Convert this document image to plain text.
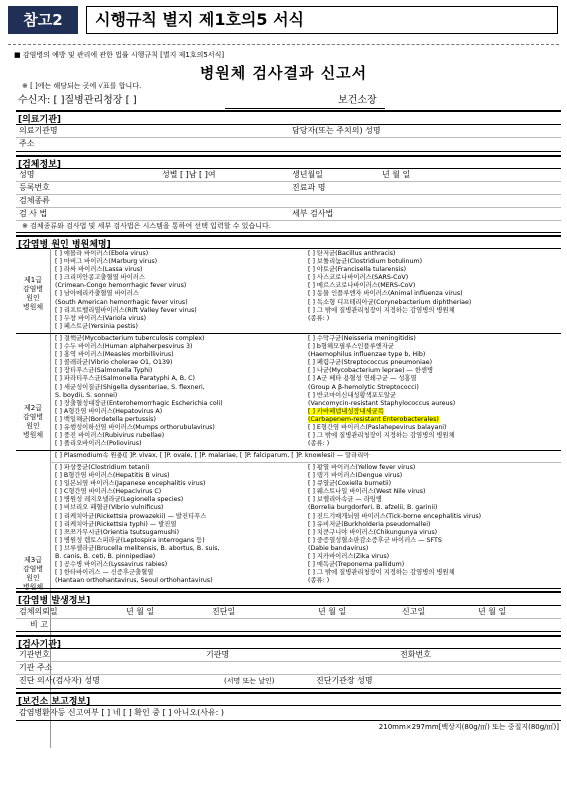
참고2	시행규칙 별지 제1호의5 서식
■ 감염병의 예방 및 관리에 관한 법률 시행규칙 [별지 제1호의5서식]
병원체 검사결과 신고서
※ [ ]에는 해당되는 곳에 √표를 합니다.
수신자: [ ]질병관리청장 [ ]	보건소장
[의료기관]
의료기관명	담당자(또는 주치의) 성명
주소
[검체정보]
성명	성별 [ ]남 [ ]여	생년월일	년 월 일
등록번호	진료과 명
검체종류
검 사 법	세부 검사법
※ 검체종류와 검사법 및 세부 검사법은 시스템을 통하여 선택 입력할 수 있습니다.
[감염병 원인 병원체명]
제1급
감염병
원인
병원체
[ ] 에볼라 바이러스(Ebola virus)
[ ] 마버그 바이러스(Marburg virus)
[ ] 라싸 바이러스(Lassa virus)
[ ] 크리미안콩고출혈열 바이러스
(Crimean-Congo hemorrhagic fever virus)
[ ] 남아메리카출혈열 바이러스
(South American hemorrhagic fever virus)
[ ] 리프트밸리열바이러스(Rift Valley fever virus)
[ ] 두창 바이러스(Variola virus)
[ ] 페스트균(Yersinia pestis)
[ ] 탄저균(Bacillus anthracis)
[ ] 보툴리눔균(Clostridium botulinum)
[ ] 야토균(Francisella tularensis)
[ ] 사스코로나바이러스(SARS-CoV)
[ ] 메르스코로나바이러스(MERS-CoV)
[ ] 동물 인플루엔자 바이러스(Animal influenza virus)
[ ] 독소형 디프테리아균(Corynebacterium diphtheriae)
[ ] 그 밖에 질병관리청장이 지정하는 감염병의 병원체
(종류: )
제2급
감염병
원인
병원체
[ ] 결핵균(Mycobacterium tuberculosis complex)
[ ] 수두 바이러스(Human alphaherpesvirus 3)
[ ] 홍역 바이러스(Measles morbillivirus)
[ ] 콜레라균(Vibrio cholerae O1, O139)
[ ] 장티푸스균(Salmonella Typhi)
[ ] 파라티푸스균(Salmonella Paratyphi A, B, C)
[ ] 세균성이질균(Shigella dysenteriae, S. flexneri,
S. boydii, S. sonnei)
[ ] 장출혈성대장균(Enterohemorrhagic Escherichia coli)
[ ] A형간염 바이러스(Hepatovirus A)
[ ] 백일해균(Bordetella pertussis)
[ ] 유행성이하선염 바이러스(Mumps orthorubulavirus)
[ ] 풍진 바이러스(Rubivirus rubellae)
[ ] 폴리오바이러스(Poliovirus)
[ ] 수막구균(Neisseria meningitidis)
[ ] b형헤모필루스인플루엔자균
(Haemophilus influenzae type b, Hib)
[ ] 폐렴구균(Streptococcus pneumoniae)
[ ] 나균(Mycobacterium leprae) — 한센병
[ ] A군 베타 용혈성 연쇄구균 — 성홍열
(Group A β-hemolytic Streptococci)
[ ] 반코마이신내성황색포도알균
(Vancomycin-resistant Staphylococcus aureus)
[ ] 카바페넴내성장내세균목
(Carbapenem-resistant Enterobacterales)
[ ] E형간염 바이러스(Paslahepevirus balayani)
[ ] 그 밖에 질병관리청장이 지정하는 감염병의 병원체
(종류: )
제3급
감염병
원인
병원체
[ ] Plasmodium속 원충([ ]P. vivax, [ ]P. ovale, [ ]P. malariae, [ ]P. falciparum, [ ]P. knowlesi) — 말라리아
[ ] 파상풍균(Clostridium tetani)
[ ] B형간염 바이러스(Hepatitis B virus)
[ ] 일본뇌염 바이러스(Japanese encephalitis virus)
[ ] C형간염 바이러스(Hepacivirus C)
[ ] 병원성 레지오넬라균(Legionella species)
[ ] 비브리오 패혈균(Vibrio vulnificus)
[ ] 리케치아균(Rickettsia prowazekii) — 발진티푸스
[ ] 리케치아균(Rickettsia typhi) — 발진열
[ ] 쯔쯔가무시균(Orientia tsutsugamushi)
[ ] 병원성 렙토스피라균(Leptospira interrogans 등)
[ ] 브루셀라균(Brucella melitensis, B. abortus, B. suis,
B. canis, B. ceti, B. pinnipediae)
[ ] 공수병 바이러스(Lyssavirus rabies)
[ ] 한타바이러스 — 신증후군출혈열
(Hantaan orthohantavirus, Seoul orthohantavirus)
[ ] 황열 바이러스(Yellow fever virus)
[ ] 뎅기 바이러스(Dengue virus)
[ ] 큐열균(Coxiella burnetii)
[ ] 웨스트나일 바이러스(West Nile virus)
[ ] 보렐리아속균 — 라임병
(Borrelia burgdorferi, B. afzelii, B. garinii)
[ ] 진드기매개뇌염 바이러스(Tick-borne encephalitis virus)
[ ] 유비저균(Burkholderia pseudomallei)
[ ] 치쿤구니야 바이러스(Chikungunya virus)
[ ] 중증열성혈소판감소증후군 바이러스 — SFTS
(Dabie bandavirus)
[ ] 지카바이러스(Zika virus)
[ ] 매독균(Treponema pallidum)
[ ] 그 밖에 질병관리청장이 지정하는 감염병의 병원체
(종류: )
[감염병 발생정보]
검체의뢰일	년 월 일	진단일	년 월 일	신고일	년 월 일
비 고
[검사기관]
기관번호	기관명	전화번호
기관 주소
진단 의사(검사자) 성명	(서명 또는 날인)	진단기관장 성명
[보건소 보고정보]
감염병환자등 신고여부 [ ] 네 [ ] 확인 중 [ ] 아니오(사유: )
210mm×297mm[백상지(80g/㎡) 또는 중질지(80g/㎡)]
